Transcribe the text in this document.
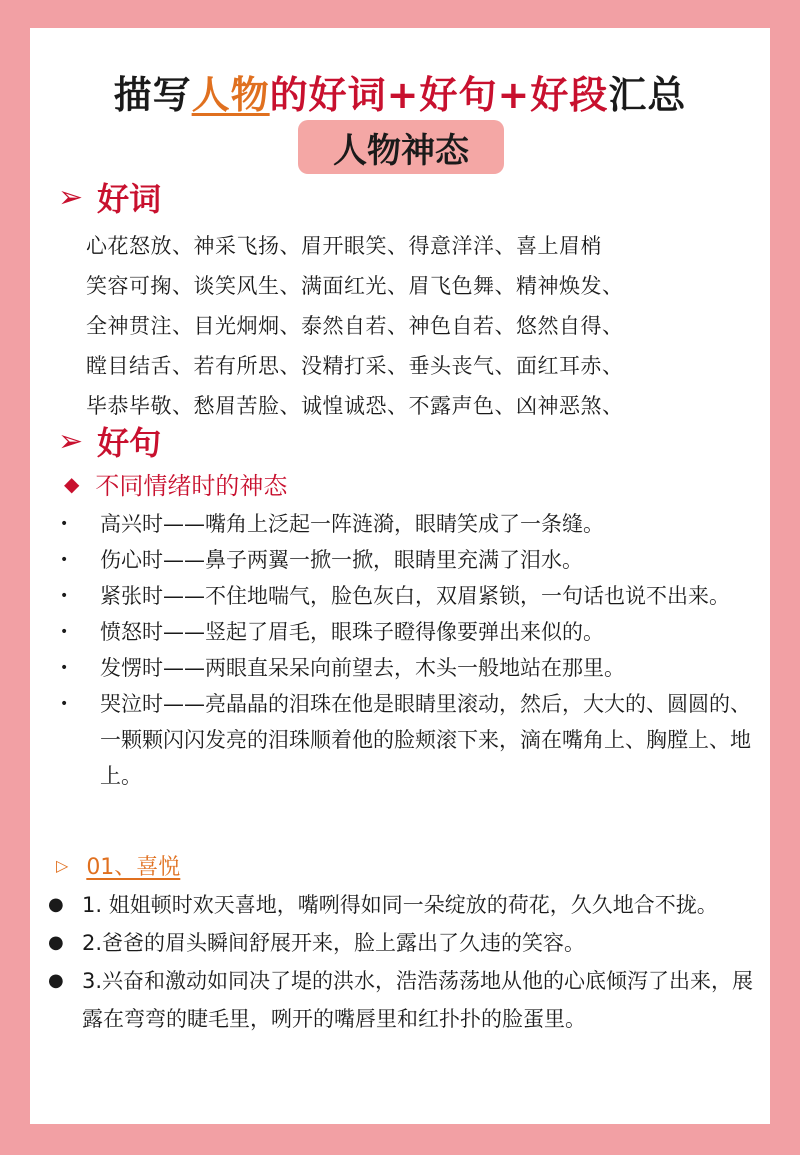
描写人物的好词+好句+好段汇总
人物神态
➢ 好词
心花怒放、神采飞扬、眉开眼笑、得意洋洋、喜上眉梢
笑容可掬、谈笑风生、满面红光、眉飞色舞、精神焕发、
全神贯注、目光炯炯、泰然自若、神色自若、悠然自得、
瞠目结舌、若有所思、没精打采、垂头丧气、面红耳赤、
毕恭毕敬、愁眉苦脸、诚惶诚恐、不露声色、凶神恶煞、
➢ 好句
◆ 不同情绪时的神态
•	高兴时——嘴角上泛起一阵涟漪，眼睛笑成了一条缝。
•	伤心时——鼻子两翼一掀一掀，眼睛里充满了泪水。
•	紧张时——不住地喘气，脸色灰白，双眉紧锁，一句话也说不出来。
•	愤怒时——竖起了眉毛，眼珠子瞪得像要弹出来似的。
•	发愣时——两眼直呆呆向前望去，木头一般地站在那里。
•	哭泣时——亮晶晶的泪珠在他是眼睛里滚动，然后，大大的、圆圆的、一颗颗闪闪发亮的泪珠顺着他的脸颊滚下来，滴在嘴角上、胸膛上、地上。
▷ 01、喜悦
● 1. 姐姐顿时欢天喜地，嘴咧得如同一朵绽放的荷花，久久地合不拢。
● 2.爸爸的眉头瞬间舒展开来，脸上露出了久违的笑容。
● 3.兴奋和激动如同决了堤的洪水，浩浩荡荡地从他的心底倾泻了出来，展露在弯弯的睫毛里，咧开的嘴唇里和红扑扑的脸蛋里。
